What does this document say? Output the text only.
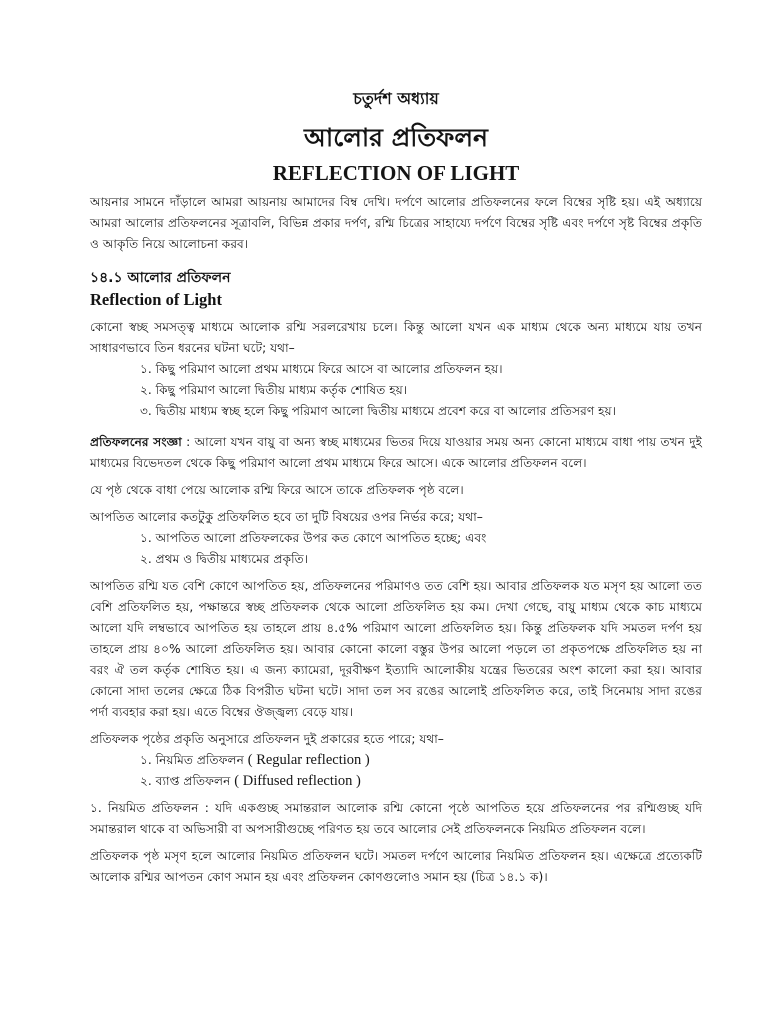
চতুর্দশ অধ্যায়
আলোর প্রতিফলন
REFLECTION OF LIGHT

আয়নার সামনে দাঁড়ালে আমরা আয়নায় আমাদের বিম্ব দেখি। দর্পণে আলোর প্রতিফলনের ফলে বিম্বের সৃষ্টি হয়। এই অধ্যায়ে আমরা আলোর প্রতিফলনের সূত্রাবলি, বিভিন্ন প্রকার দর্পণ, রশ্মি চিত্রের সাহায্যে দর্পণে বিম্বের সৃষ্টি এবং দর্পণে সৃষ্ট বিম্বের প্রকৃতি ও আকৃতি নিয়ে আলোচনা করব।

১৪.১ আলোর প্রতিফলন
Reflection of Light

কোনো স্বচ্ছ সমসত্ত্ব মাধ্যমে আলোক রশ্মি সরলরেখায় চলে। কিন্তু আলো যখন এক মাধ্যম থেকে অন্য মাধ্যমে যায় তখন সাধারণভাবে তিন ধরনের ঘটনা ঘটে; যথা–

১. কিছু পরিমাণ আলো প্রথম মাধ্যমে ফিরে আসে বা আলোর প্রতিফলন হয়।
২. কিছু পরিমাণ আলো দ্বিতীয় মাধ্যম কর্তৃক শোষিত হয়।
৩. দ্বিতীয় মাধ্যম স্বচ্ছ হলে কিছু পরিমাণ আলো দ্বিতীয় মাধ্যমে প্রবেশ করে বা আলোর প্রতিসরণ হয়।

প্রতিফলনের সংজ্ঞা : আলো যখন বায়ু বা অন্য স্বচ্ছ মাধ্যমের ভিতর দিয়ে যাওয়ার সময় অন্য কোনো মাধ্যমে বাধা পায় তখন দুই মাধ্যমের বিভেদতল থেকে কিছু পরিমাণ আলো প্রথম মাধ্যমে ফিরে আসে। একে আলোর প্রতিফলন বলে।

যে পৃষ্ঠ থেকে বাধা পেয়ে আলোক রশ্মি ফিরে আসে তাকে প্রতিফলক পৃষ্ঠ বলে।

আপতিত আলোর কতটুকু প্রতিফলিত হবে তা দুটি বিষয়ের ওপর নির্ভর করে; যথা–

১. আপতিত আলো প্রতিফলকের উপর কত কোণে আপতিত হচ্ছে; এবং
২. প্রথম ও দ্বিতীয় মাধ্যমের প্রকৃতি।

আপতিত রশ্মি যত বেশি কোণে আপতিত হয়, প্রতিফলনের পরিমাণও তত বেশি হয়। আবার প্রতিফলক যত মসৃণ হয় আলো তত বেশি প্রতিফলিত হয়, পক্ষান্তরে স্বচ্ছ প্রতিফলক থেকে আলো প্রতিফলিত হয় কম। দেখা গেছে, বায়ু মাধ্যম থেকে কাচ মাধ্যমে আলো যদি লম্বভাবে আপতিত হয় তাহলে প্রায় ৪.৫% পরিমাণ আলো প্রতিফলিত হয়। কিন্তু প্রতিফলক যদি সমতল দর্পণ হয় তাহলে প্রায় ৪০% আলো প্রতিফলিত হয়। আবার কোনো কালো বস্তুর উপর আলো পড়লে তা প্রকৃতপক্ষে প্রতিফলিত হয় না বরং ঐ তল কর্তৃক শোষিত হয়। এ জন্য ক্যামেরা, দূরবীক্ষণ ইত্যাদি আলোকীয় যন্ত্রের ভিতরের অংশ কালো করা হয়। আবার কোনো সাদা তলের ক্ষেত্রে ঠিক বিপরীত ঘটনা ঘটে। সাদা তল সব রঙের আলোই প্রতিফলিত করে, তাই সিনেমায় সাদা রঙের পর্দা ব্যবহার করা হয়। এতে বিম্বের ঔজ্জ্বল্য বেড়ে যায়।

প্রতিফলক পৃষ্ঠের প্রকৃতি অনুসারে প্রতিফলন দুই প্রকারের হতে পারে; যথা–

১. নিয়মিত প্রতিফলন ( Regular reflection )
২. ব্যাপ্ত প্রতিফলন ( Diffused reflection )

১. নিয়মিত প্রতিফলন : যদি একগুচ্ছ সমান্তরাল আলোক রশ্মি কোনো পৃষ্ঠে আপতিত হয়ে প্রতিফলনের পর রশ্মিগুচ্ছ যদি সমান্তরাল থাকে বা অভিসারী বা অপসারীগুচ্ছে পরিণত হয় তবে আলোর সেই প্রতিফলনকে নিয়মিত প্রতিফলন বলে।

প্রতিফলক পৃষ্ঠ মসৃণ হলে আলোর নিয়মিত প্রতিফলন ঘটে। সমতল দর্পণে আলোর নিয়মিত প্রতিফলন হয়। এক্ষেত্রে প্রত্যেকটি আলোক রশ্মির আপতন কোণ সমান হয় এবং প্রতিফলন কোণগুলোও সমান হয় (চিত্র ১৪.১ ক)।
